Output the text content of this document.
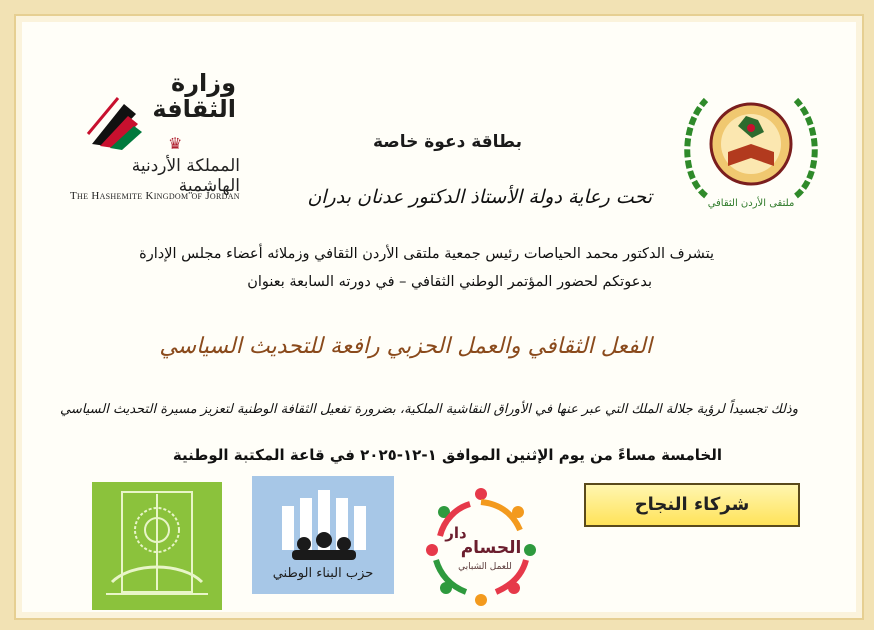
وزارة
الثقافة
♛
المملكة الأردنية الهاشمية
The Hashemite Kingdom of Jordan
ملتقى الأردن الثقافي
بطاقة دعوة خاصة
تحت رعاية دولة الأستاذ الدكتور عدنان بدران
يتشرف الدكتور محمد الحياصات رئيس جمعية ملتقى الأردن الثقافي وزملائه أعضاء مجلس الإدارة
بدعوتكم لحضور المؤتمر الوطني الثقافي – في دورته السابعة بعنوان
الفعل الثقافي والعمل الحزبي رافعة للتحديث السياسي
وذلك تجسيداً لرؤية جلالة الملك التي عبر عنها في الأوراق النقاشية الملكية، بضرورة تفعيل الثقافة الوطنية لتعزيز مسيرة التحديث السياسي
الخامسة مساءً من يوم الإثنين الموافق ١-١٢-٢٠٢٥ في قاعة المكتبة الوطنية
شركاء النجاح
حزب البناء الوطني
دار
الحسام
للعمل الشبابي
